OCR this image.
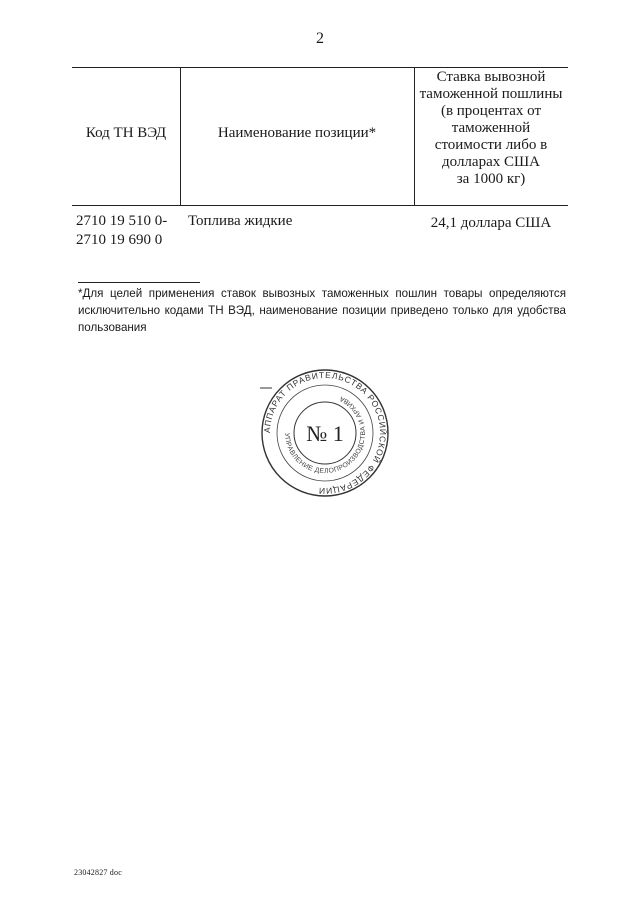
2
Код ТН ВЭД	Наименование позиции*
Ставка вывозной
таможенной пошлины
(в процентах от
таможенной
стоимости либо в
долларах США
за 1000 кг)
2710 19 510 0-
2710 19 690 0
Топлива жидкие	24,1 доллара США
*Для целей применения ставок вывозных таможенных пошлин товары определяются исключительно кодами ТН ВЭД, наименование позиции приведено только для удобства пользования
АППАРАТ ПРАВИТЕЛЬСТВА РОССИЙСКОЙ ФЕДЕРАЦИИ
УПРАВЛЕНИЕ ДЕЛОПРОИЗВОДСТВА И АРХИВА
№ 1
23042827 doc
